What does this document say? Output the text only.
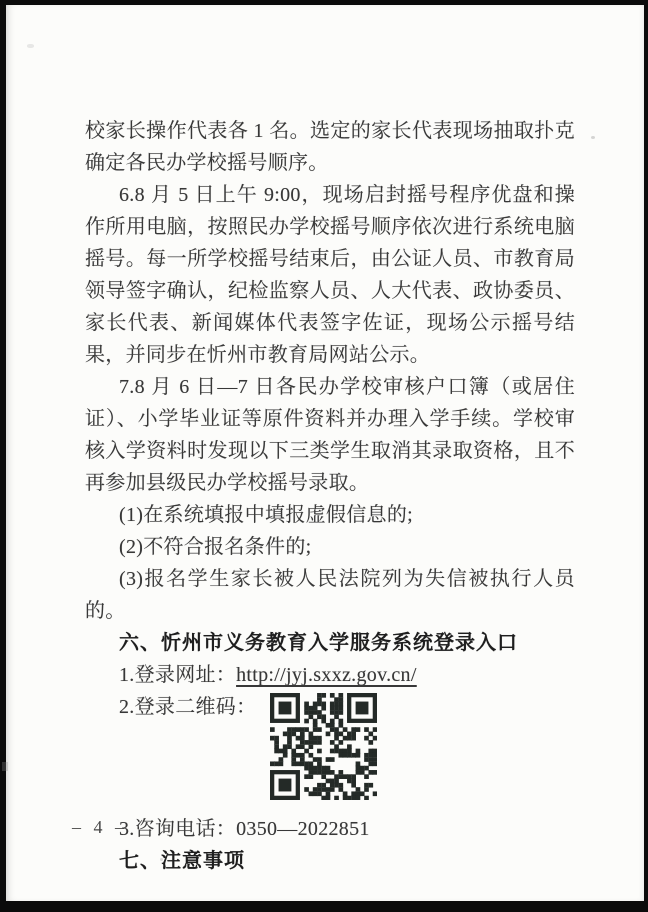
校家长操作代表各 1 名。选定的家长代表现场抽取扑克确定各民办学校摇号顺序。

6.8 月 5 日上午 9:00，现场启封摇号程序优盘和操作所用电脑，按照民办学校摇号顺序依次进行系统电脑摇号。每一所学校摇号结束后，由公证人员、市教育局领导签字确认，纪检监察人员、人大代表、政协委员、家长代表、新闻媒体代表签字佐证，现场公示摇号结果，并同步在忻州市教育局网站公示。

7.8 月 6 日—7 日各民办学校审核户口簿（或居住证）、小学毕业证等原件资料并办理入学手续。学校审核入学资料时发现以下三类学生取消其录取资格，且不再参加县级民办学校摇号录取。

(1)在系统填报中填报虚假信息的;

(2)不符合报名条件的;

(3)报名学生家长被人民法院列为失信被执行人员的。

六、忻州市义务教育入学服务系统登录入口

1.登录网址：http://jyj.sxxz.gov.cn/

2.登录二维码：

3.咨询电话：0350—2022851

七、注意事项

– 4 –
